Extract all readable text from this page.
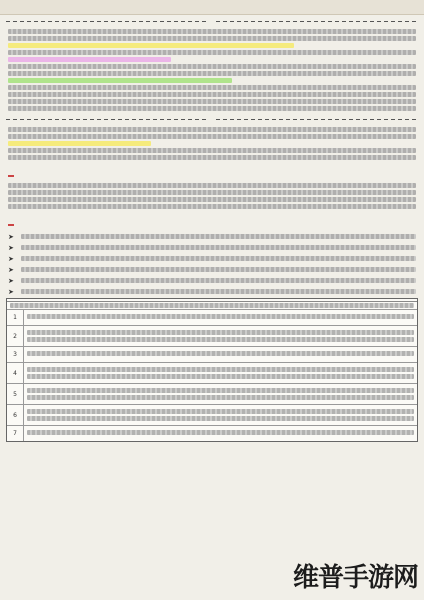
➤
➤
➤
➤
➤
➤
1
2
3
4
5
6
7
维普手游网
